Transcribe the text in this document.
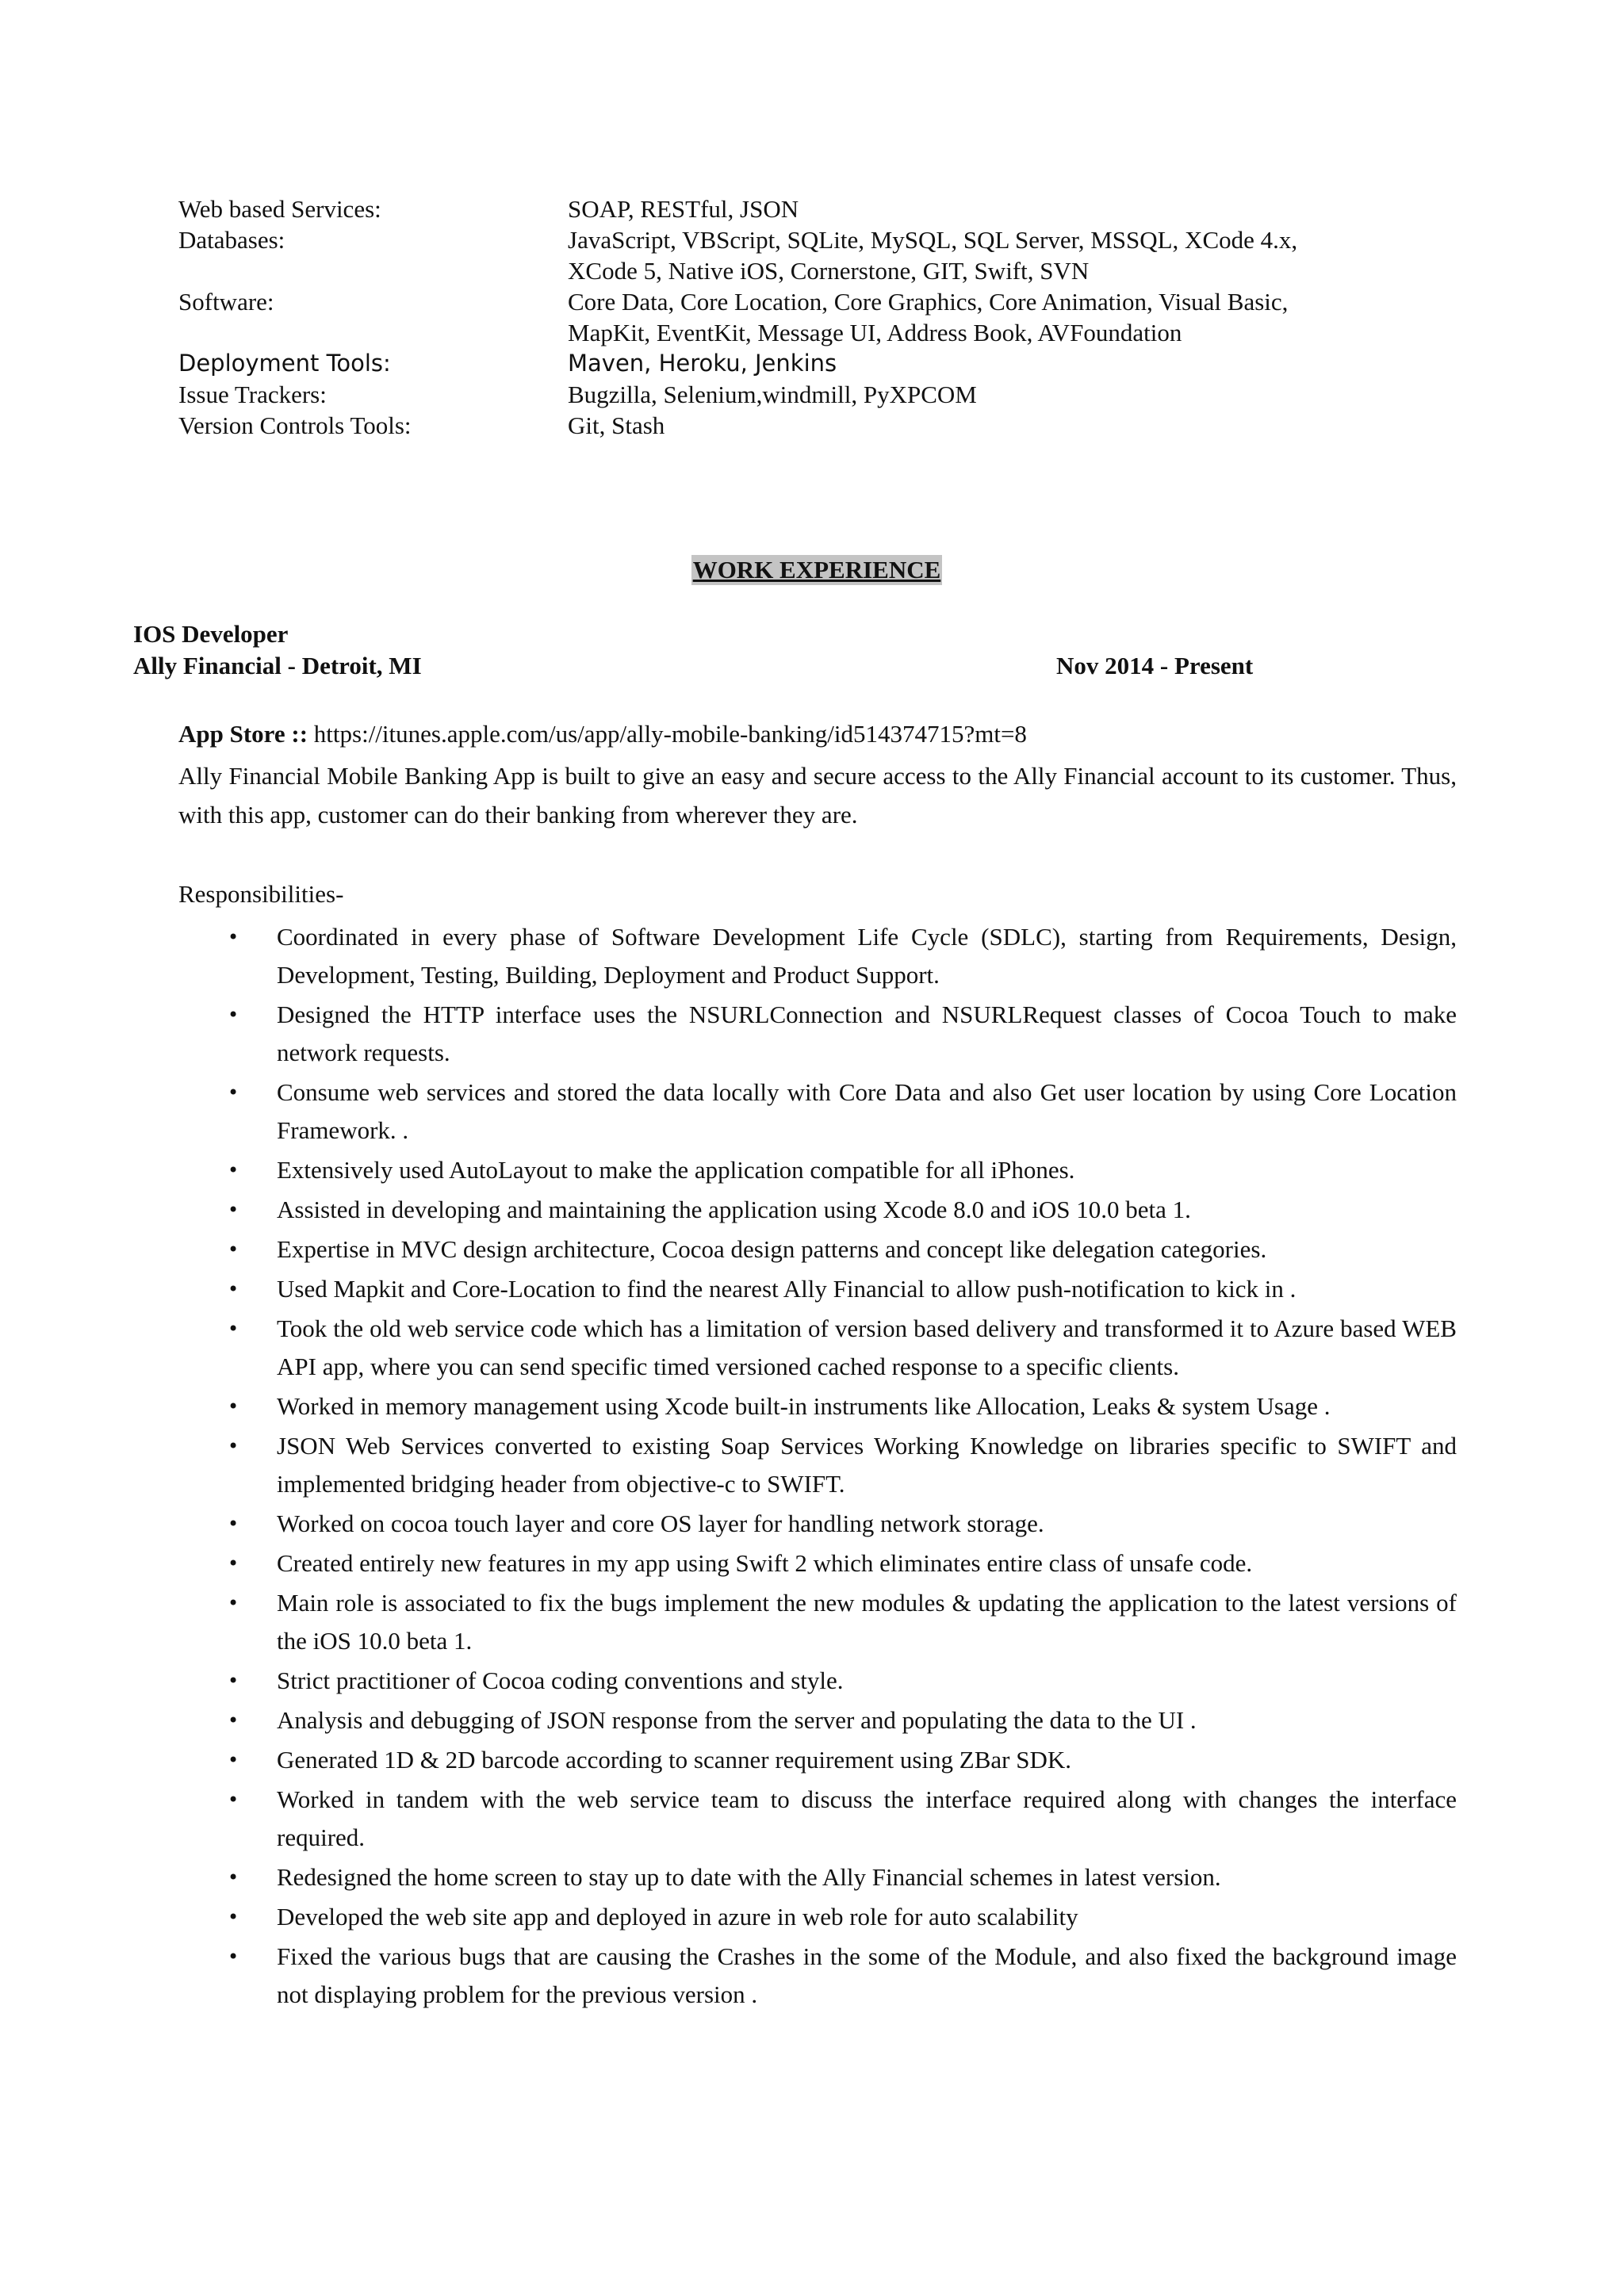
Web based Services:	SOAP, RESTful, JSON
Databases:	JavaScript, VBScript, SQLite, MySQL, SQL Server, MSSQL, XCode 4.x,
XCode 5, Native iOS, Cornerstone, GIT, Swift, SVN
Software:	Core Data, Core Location, Core Graphics, Core Animation, Visual Basic,
MapKit, EventKit, Message UI, Address Book, AVFoundation
Deployment Tools:	Maven, Heroku, Jenkins
Issue Trackers:	Bugzilla, Selenium,windmill, PyXPCOM
Version Controls Tools:	Git, Stash
WORK EXPERIENCE
IOS Developer
Ally Financial - Detroit, MI	Nov 2014 - Present
App Store :: https://itunes.apple.com/us/app/ally-mobile-banking/id514374715?mt=8
Ally Financial Mobile Banking App is built to give an easy and secure access to the Ally Financial account to its customer. Thus, with this app, customer can do their banking from wherever they are.
Responsibilities-
• Coordinated in every phase of Software Development Life Cycle (SDLC), starting from Requirements, Design, Development, Testing, Building, Deployment and Product Support.
• Designed the HTTP interface uses the NSURLConnection and NSURLRequest classes of Cocoa Touch to make network requests.
• Consume web services and stored the data locally with Core Data and also Get user location by using Core Location Framework. .
• Extensively used AutoLayout to make the application compatible for all iPhones.
• Assisted in developing and maintaining the application using Xcode 8.0 and iOS 10.0 beta 1.
• Expertise in MVC design architecture, Cocoa design patterns and concept like delegation categories.
• Used Mapkit and Core-Location to find the nearest Ally Financial to allow push-notification to kick in .
• Took the old web service code which has a limitation of version based delivery and transformed it to Azure based WEB API app, where you can send specific timed versioned cached response to a specific clients.
• Worked in memory management using Xcode built-in instruments like Allocation, Leaks & system Usage .
• JSON Web Services converted to existing Soap Services Working Knowledge on libraries specific to SWIFT and implemented bridging header from objective-c to SWIFT.
• Worked on cocoa touch layer and core OS layer for handling network storage.
• Created entirely new features in my app using Swift 2 which eliminates entire class of unsafe code.
• Main role is associated to fix the bugs implement the new modules & updating the application to the latest versions of the iOS 10.0 beta 1.
• Strict practitioner of Cocoa coding conventions and style.
• Analysis and debugging of JSON response from the server and populating the data to the UI .
• Generated 1D & 2D barcode according to scanner requirement using ZBar SDK.
• Worked in tandem with the web service team to discuss the interface required along with changes the interface required.
• Redesigned the home screen to stay up to date with the Ally Financial schemes in latest version.
• Developed the web site app and deployed in azure in web role for auto scalability
• Fixed the various bugs that are causing the Crashes in the some of the Module, and also fixed the background image not displaying problem for the previous version .
